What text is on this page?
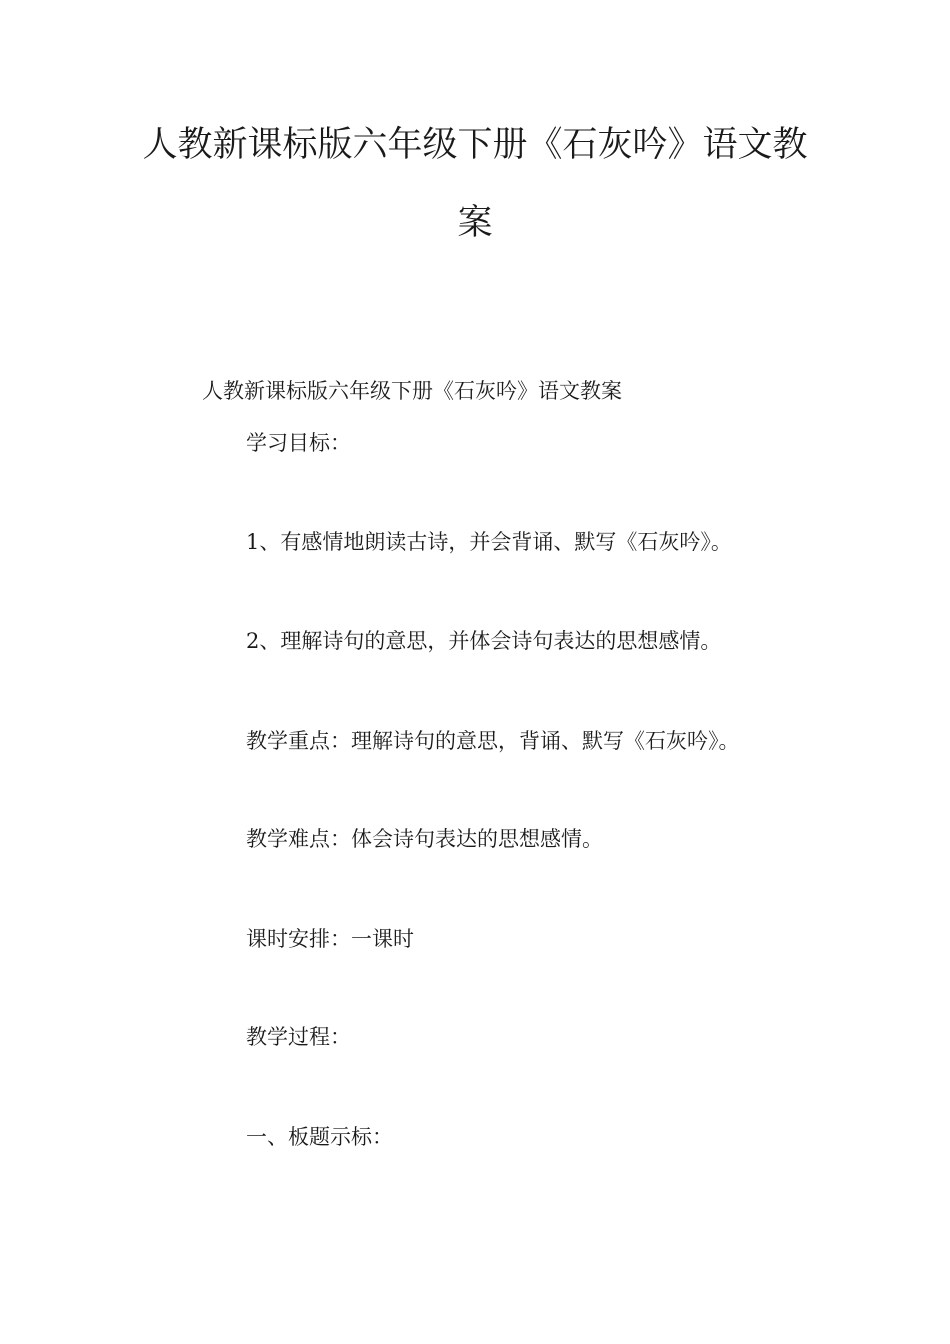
人教新课标版六年级下册《石灰吟》语文教
案
人教新课标版六年级下册《石灰吟》语文教案
学习目标：
1、有感情地朗读古诗，并会背诵、默写《石灰吟》。
2、理解诗句的意思，并体会诗句表达的思想感情。
教学重点：理解诗句的意思，背诵、默写《石灰吟》。
教学难点：体会诗句表达的思想感情。
课时安排：一课时
教学过程：
一、板题示标：
